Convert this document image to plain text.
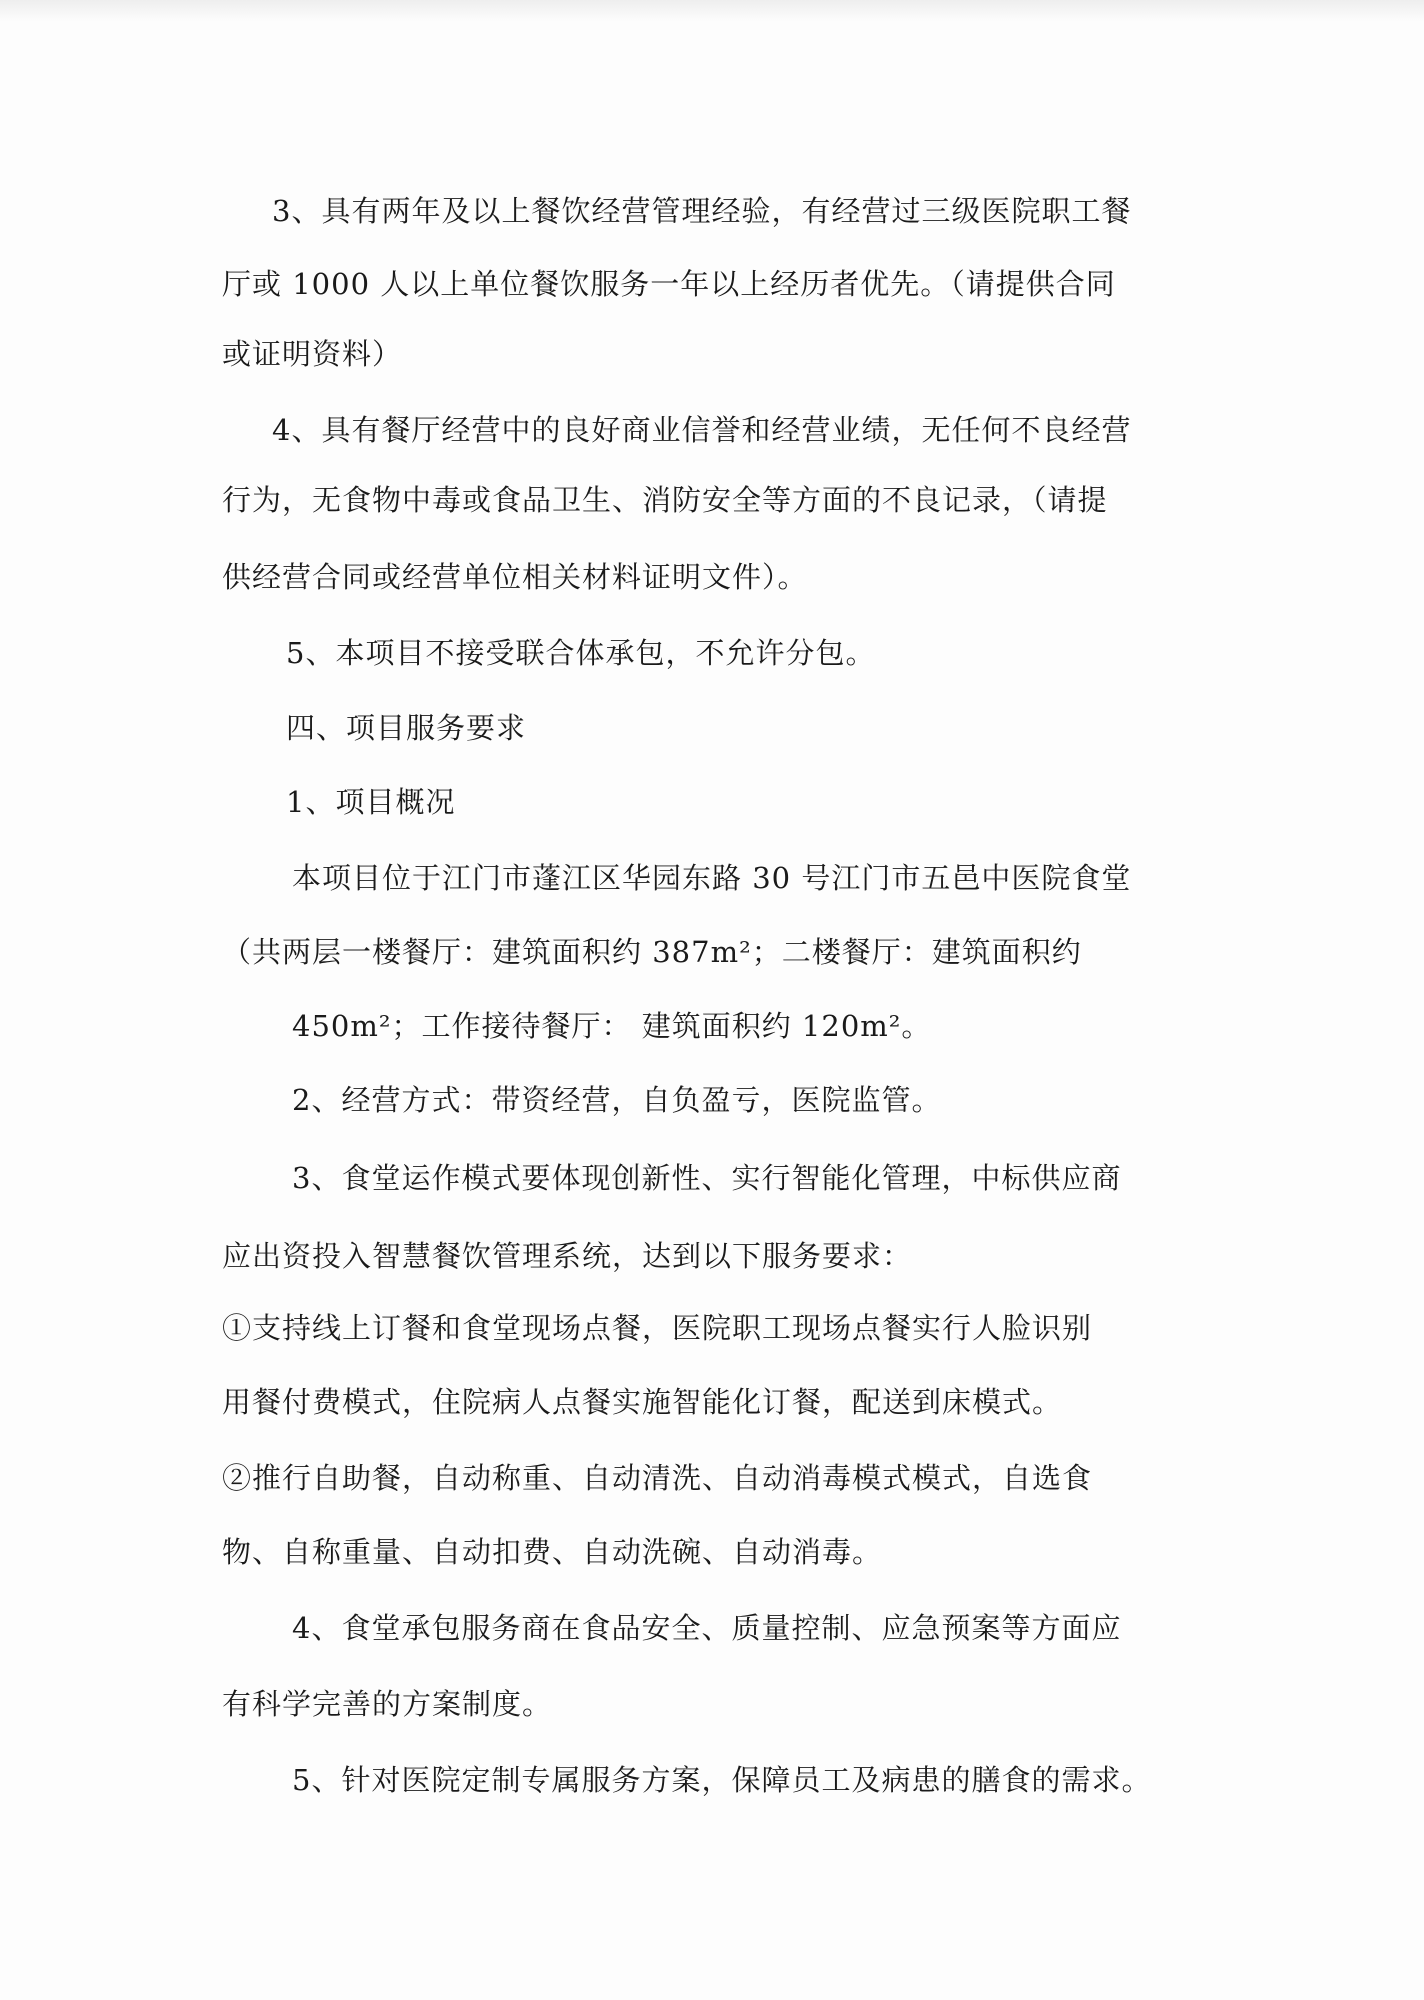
3、具有两年及以上餐饮经营管理经验，有经营过三级医院职工餐
厅或 1000 人以上单位餐饮服务一年以上经历者优先。（请提供合同
或证明资料）
4、具有餐厅经营中的良好商业信誉和经营业绩，无任何不良经营
行为，无食物中毒或食品卫生、消防安全等方面的不良记录，（请提
供经营合同或经营单位相关材料证明文件）。
5、本项目不接受联合体承包，不允许分包。
四、项目服务要求
1、项目概况
本项目位于江门市蓬江区华园东路 30 号江门市五邑中医院食堂
（共两层一楼餐厅：建筑面积约 387m²；二楼餐厅：建筑面积约
450m²；工作接待餐厅： 建筑面积约 120m²。
2、经营方式：带资经营，自负盈亏，医院监管。
3、食堂运作模式要体现创新性、实行智能化管理，中标供应商
应出资投入智慧餐饮管理系统，达到以下服务要求：
①支持线上订餐和食堂现场点餐，医院职工现场点餐实行人脸识别
用餐付费模式，住院病人点餐实施智能化订餐，配送到床模式。
②推行自助餐，自动称重、自动清洗、自动消毒模式模式，自选食
物、自称重量、自动扣费、自动洗碗、自动消毒。
4、食堂承包服务商在食品安全、质量控制、应急预案等方面应
有科学完善的方案制度。
5、针对医院定制专属服务方案，保障员工及病患的膳食的需求。
